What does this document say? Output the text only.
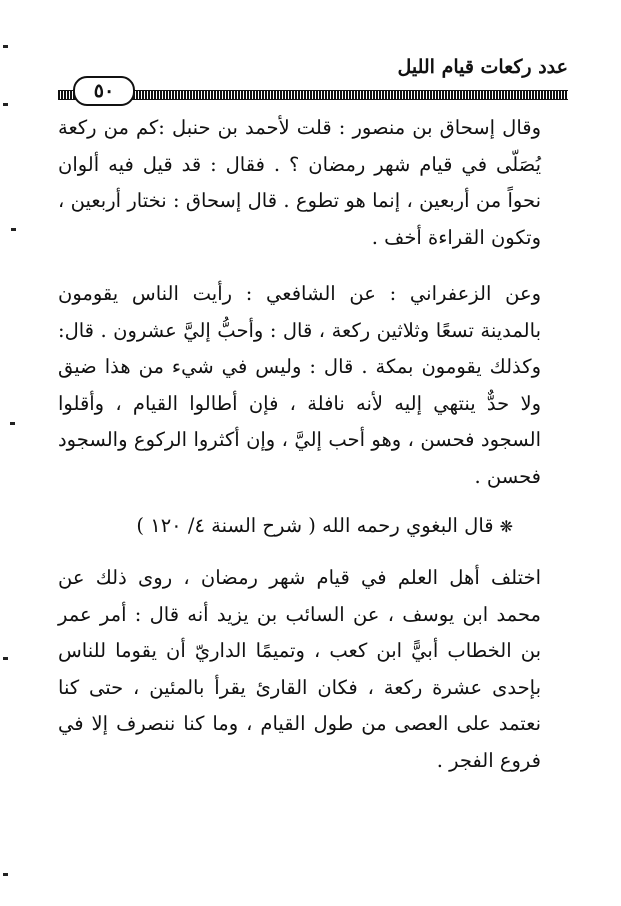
عدد ركعات قيام الليل
٥٠

وقال إسحاق بن منصور : قلت لأحمد بن حنبل :كم من ركعة يُصَلّى في قيام شهر رمضان ؟ . فقال : قد قيل فيه ألوان نحواً من أربعين ، إنما هو تطوع . قال إسحاق : نختار أربعين ، وتكون القراءة أخف .

وعن الزعفراني : عن الشافعي : رأيت الناس يقومون بالمدينة تسعًا وثلاثين ركعة ، قال : وأحبُّ إليَّ عشرون . قال: وكذلك يقومون بمكة . قال : وليس في شيء من هذا ضيق ولا حدٌّ ينتهي إليه لأنه نافلة ، فإن أطالوا القيام ، وأقلوا السجود فحسن ، وهو أحب إليَّ ، وإن أكثروا الركوع والسجود فحسن .

❋قال البغوي رحمه الله ( شرح السنة ٤/ ١٢٠ )

اختلف أهل العلم في قيام شهر رمضان ، روى ذلك عن محمد ابن يوسف ، عن السائب بن يزيد أنه قال : أمر عمر بن الخطاب أبيًّ ابن كعب ، وتميمًا الداريّ أن يقوما للناس بإحدى عشرة ركعة ، فكان القارئ يقرأ بالمئين ، حتى كنا نعتمد على العصى من طول القيام ، وما كنا ننصرف إلا في فروع الفجر .
